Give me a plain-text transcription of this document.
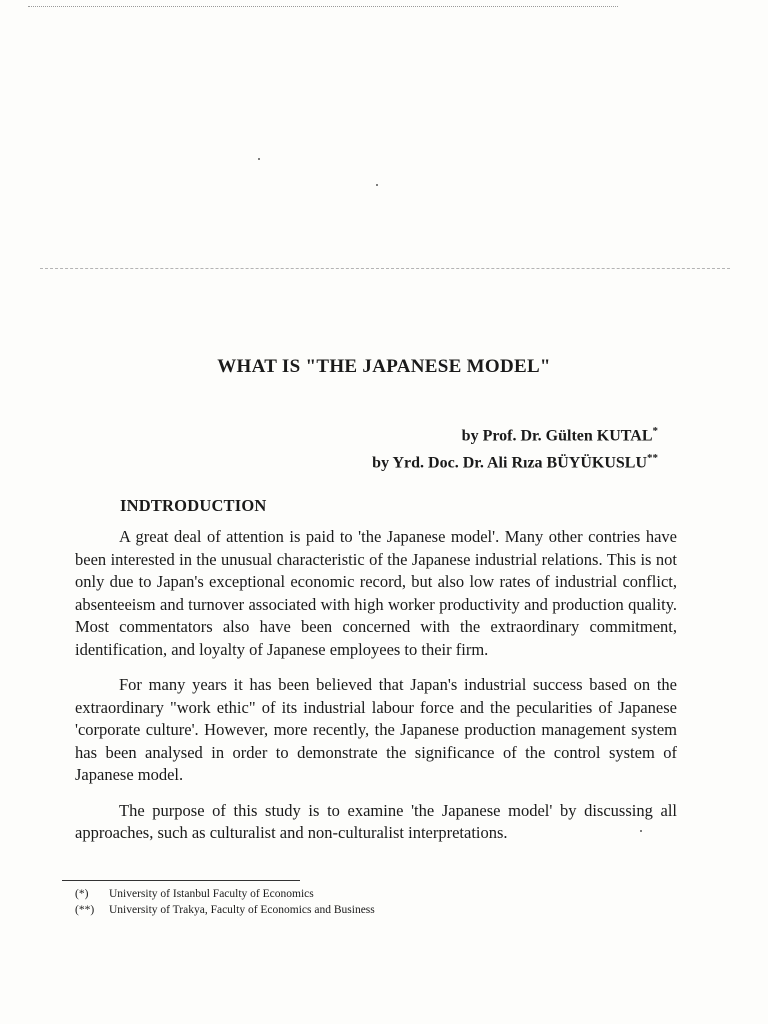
WHAT IS "THE JAPANESE MODEL"
by Prof. Dr. Gülten KUTAL*
by Yrd. Doc. Dr. Ali Rıza BÜYÜKUSLU**
INDTRODUCTION

A great deal of attention is paid to 'the Japanese model'. Many other contries have been interested in the unusual characteristic of the Japanese industrial relations. This is not only due to Japan's exceptional economic record, but also low rates of industrial conflict, absenteeism and turnover associated with high worker productivity and production quality. Most commentators also have been concerned with the extraordinary commitment, identification, and loyalty of Japanese employees to their firm.

For many years it has been believed that Japan's industrial success based on the extraordinary "work ethic" of its industrial labour force and the pecularities of Japanese 'corporate culture'. However, more recently, the Japanese production management system has been analysed in order to demonstrate the significance of the control system of Japanese model.

The purpose of this study is to examine 'the Japanese model' by discussing all approaches, such as culturalist and non-culturalist interpretations.

(*) University of Istanbul Faculty of Economics
(**) University of Trakya, Faculty of Economics and Business
